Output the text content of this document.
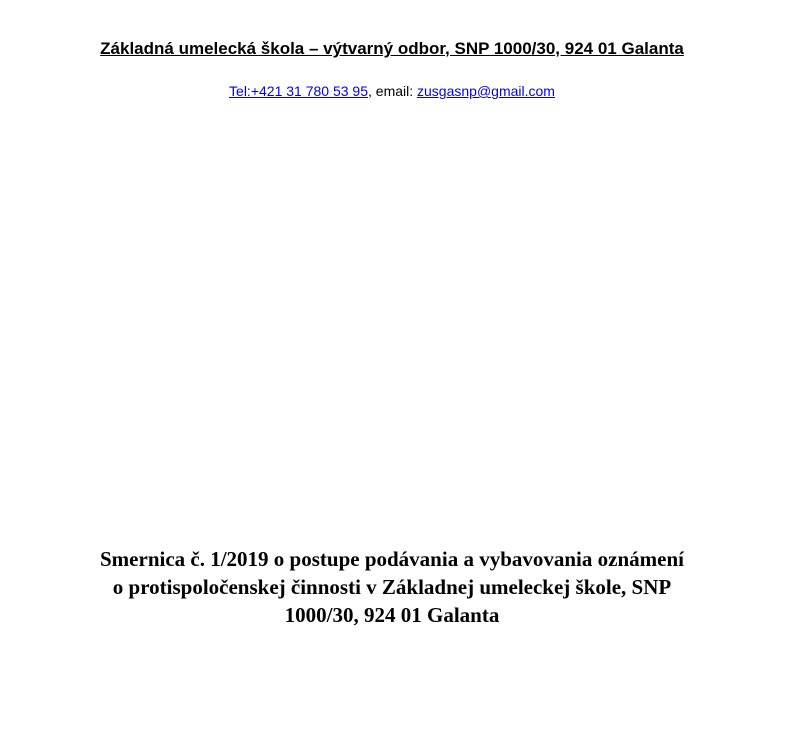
Základná umelecká škola – výtvarný odbor, SNP 1000/30, 924 01 Galanta
Tel:+421 31 780 53 95, email: zusgasnp@gmail.com
Smernica č. 1/2019 o postupe podávania a vybavovania oznámení
o protispoločenskej činnosti v Základnej umeleckej škole, SNP
1000/30, 924 01 Galanta
